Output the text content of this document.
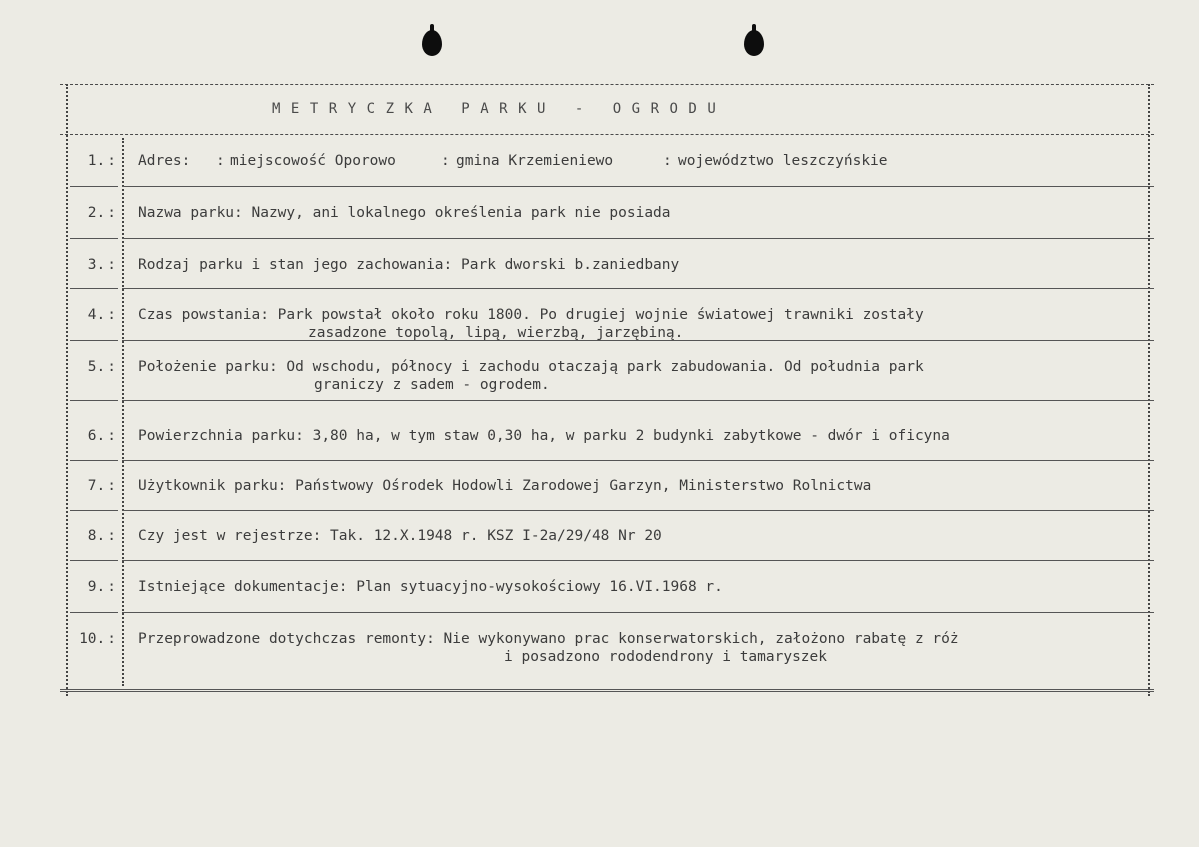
METRYCZKA PARKU - OGRODU
1. :	Adres: : miejscowość Oporowo	: gmina Krzemieniewo	: województwo leszczyńskie
2. :	Nazwa parku: Nazwy, ani lokalnego określenia park nie posiada
3. :	Rodzaj parku i stan jego zachowania: Park dworski b.zaniedbany
4. :	Czas powstania: Park powstał około roku 1800. Po drugiej wojnie światowej trawniki zostały
zasadzone topolą, lipą, wierzbą, jarzębiną.
5. :	Położenie parku: Od wschodu, północy i zachodu otaczają park zabudowania. Od południa park
graniczy z sadem - ogrodem.
6. :	Powierzchnia parku: 3,80 ha, w tym staw 0,30 ha, w parku 2 budynki zabytkowe - dwór i oficyna
7. :	Użytkownik parku: Państwowy Ośrodek Hodowli Zarodowej Garzyn, Ministerstwo Rolnictwa
8. :	Czy jest w rejestrze: Tak. 12.X.1948 r. KSZ I-2a/29/48 Nr 20
9. :	Istniejące dokumentacje: Plan sytuacyjno-wysokościowy 16.VI.1968 r.
10. :	Przeprowadzone dotychczas remonty: Nie wykonywano prac konserwatorskich, założono rabatę z róż
i posadzono rododendrony i tamaryszek
